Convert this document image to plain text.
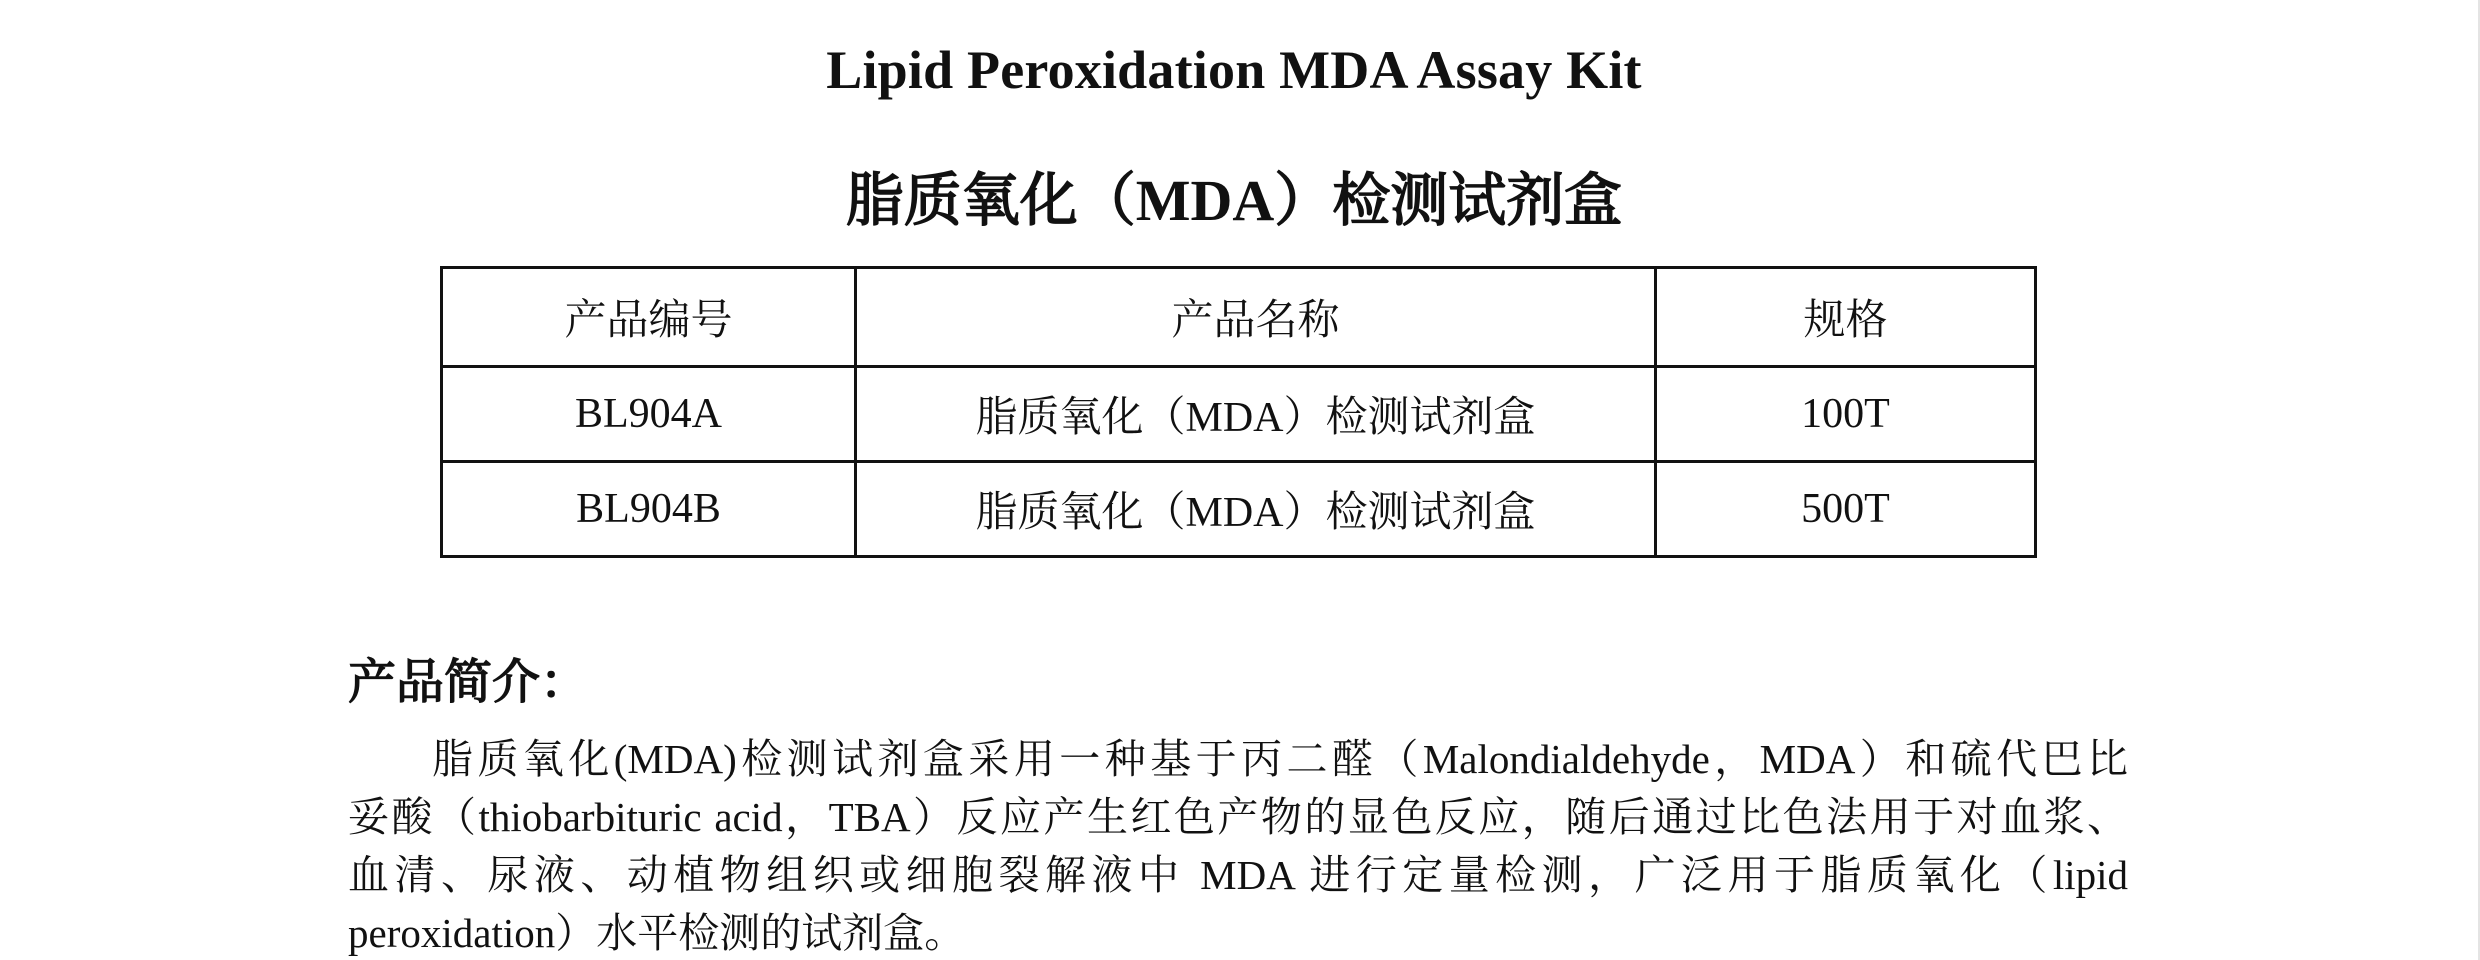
Lipid Peroxidation MDA Assay Kit
脂质氧化（MDA）检测试剂盒
产品编号	产品名称	规格
BL904A	脂质氧化（MDA）检测试剂盒	100T
BL904B	脂质氧化（MDA）检测试剂盒	500T
产品简介：
脂质氧化(MDA)检测试剂盒采用一种基于丙二醛（Malondialdehyde，MDA）和硫代巴比
妥酸（thiobarbituric acid，TBA）反应产生红色产物的显色反应，随后通过比色法用于对血浆、
血清、尿液、动植物组织或细胞裂解液中 MDA 进行定量检测，广泛用于脂质氧化（lipid
peroxidation）水平检测的试剂盒。
